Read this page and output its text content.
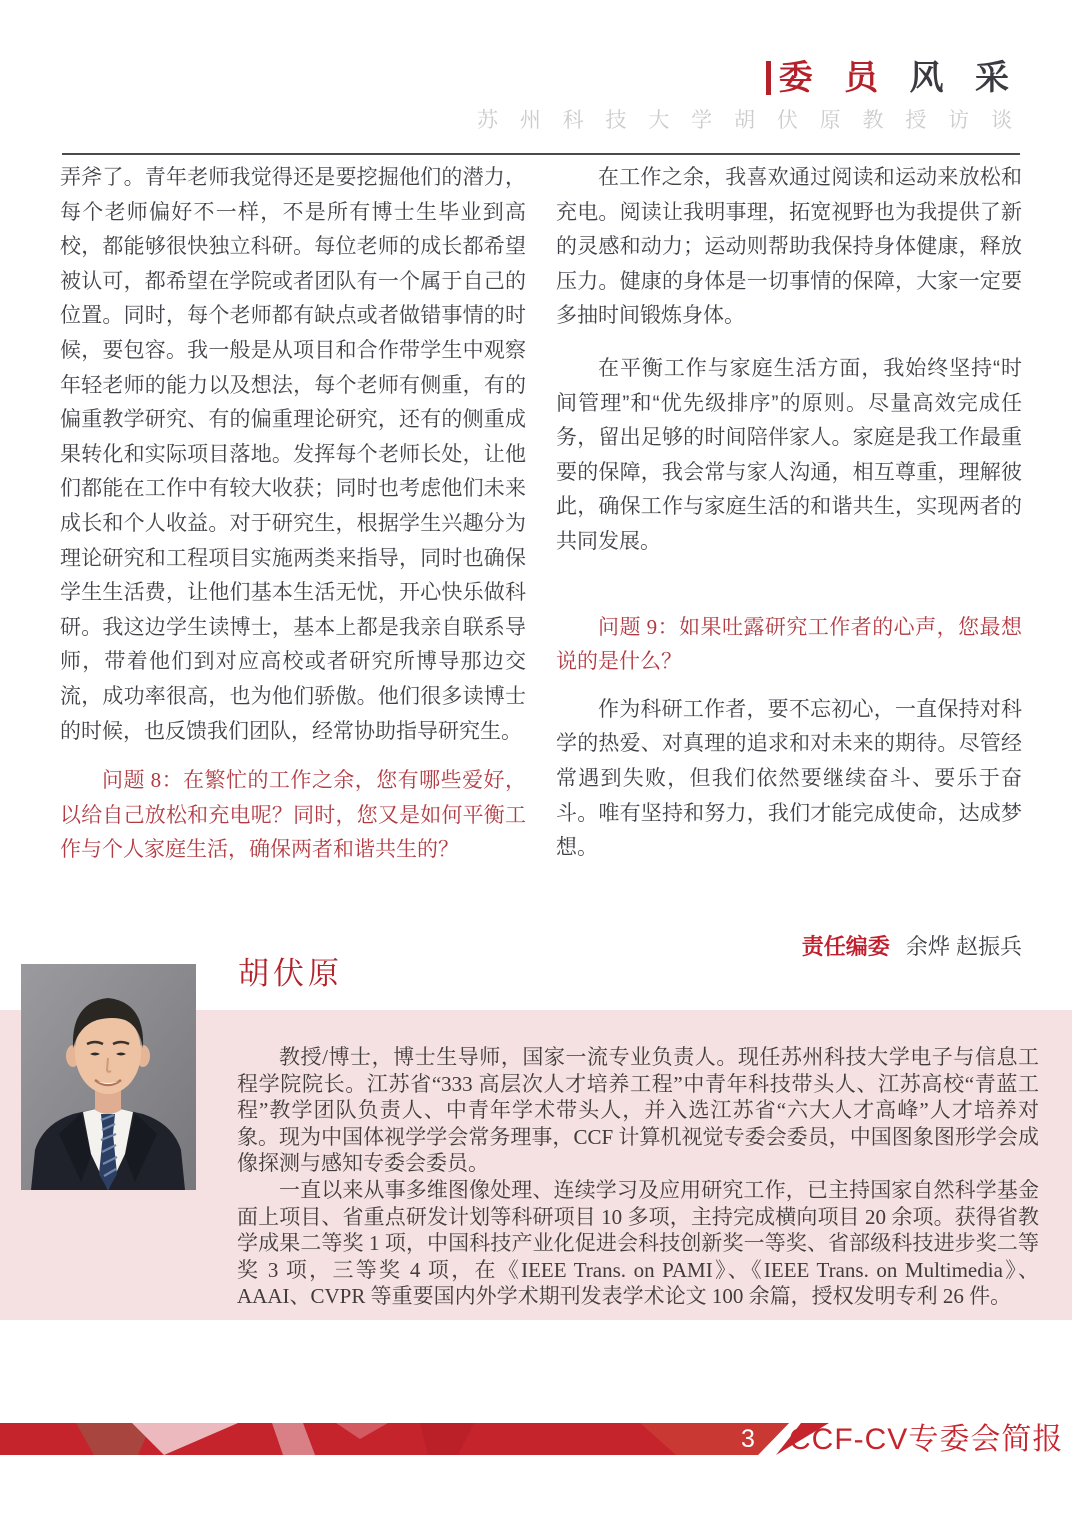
委 员 风 采
苏 州 科 技 大 学 胡 伏 原 教 授 访 谈

弄斧了。青年老师我觉得还是要挖掘他们的潜力，每个老师偏好不一样，不是所有博士生毕业到高校，都能够很快独立科研。每位老师的成长都希望被认可，都希望在学院或者团队有一个属于自己的位置。同时，每个老师都有缺点或者做错事情的时候，要包容。我一般是从项目和合作带学生中观察年轻老师的能力以及想法，每个老师有侧重，有的偏重教学研究、有的偏重理论研究，还有的侧重成果转化和实际项目落地。发挥每个老师长处，让他们都能在工作中有较大收获；同时也考虑他们未来成长和个人收益。对于研究生，根据学生兴趣分为理论研究和工程项目实施两类来指导，同时也确保学生生活费，让他们基本生活无忧，开心快乐做科研。我这边学生读博士，基本上都是我亲自联系导师，带着他们到对应高校或者研究所博导那边交流，成功率很高，也为他们骄傲。他们很多读博士的时候，也反馈我们团队，经常协助指导研究生。

问题 8：在繁忙的工作之余，您有哪些爱好，以给自己放松和充电呢？同时，您又是如何平衡工作与个人家庭生活，确保两者和谐共生的？

在工作之余，我喜欢通过阅读和运动来放松和充电。阅读让我明事理，拓宽视野也为我提供了新的灵感和动力；运动则帮助我保持身体健康，释放压力。健康的身体是一切事情的保障，大家一定要多抽时间锻炼身体。

在平衡工作与家庭生活方面，我始终坚持“时间管理”和“优先级排序”的原则。尽量高效完成任务，留出足够的时间陪伴家人。家庭是我工作最重要的保障，我会常与家人沟通，相互尊重，理解彼此，确保工作与家庭生活的和谐共生，实现两者的共同发展。

问题 9：如果吐露研究工作者的心声，您最想说的是什么？

作为科研工作者，要不忘初心，一直保持对科学的热爱、对真理的追求和对未来的期待。尽管经常遇到失败，但我们依然要继续奋斗、要乐于奋斗。唯有坚持和努力，我们才能完成使命，达成梦想。

责任编委 余烨 赵振兵

胡伏原

教授/博士，博士生导师，国家一流专业负责人。现任苏州科技大学电子与信息工程学院院长。江苏省“333 高层次人才培养工程”中青年科技带头人、江苏高校“青蓝工程”教学团队负责人、中青年学术带头人，并入选江苏省“六大人才高峰”人才培养对象。现为中国体视学学会常务理事，CCF 计算机视觉专委会委员，中国图象图形学会成像探测与感知专委会委员。

一直以来从事多维图像处理、连续学习及应用研究工作，已主持国家自然科学基金面上项目、省重点研发计划等科研项目 10 多项，主持完成横向项目 20 余项。获得省教学成果二等奖 1 项，中国科技产业化促进会科技创新奖一等奖、省部级科技进步奖二等奖 3 项，三等奖 4 项，在《IEEE Trans. on PAMI》、《IEEE Trans. on Multimedia》、AAAI、CVPR 等重要国内外学术期刊发表学术论文 100 余篇，授权发明专利 26 件。

3 CCF-CV专委会简报
